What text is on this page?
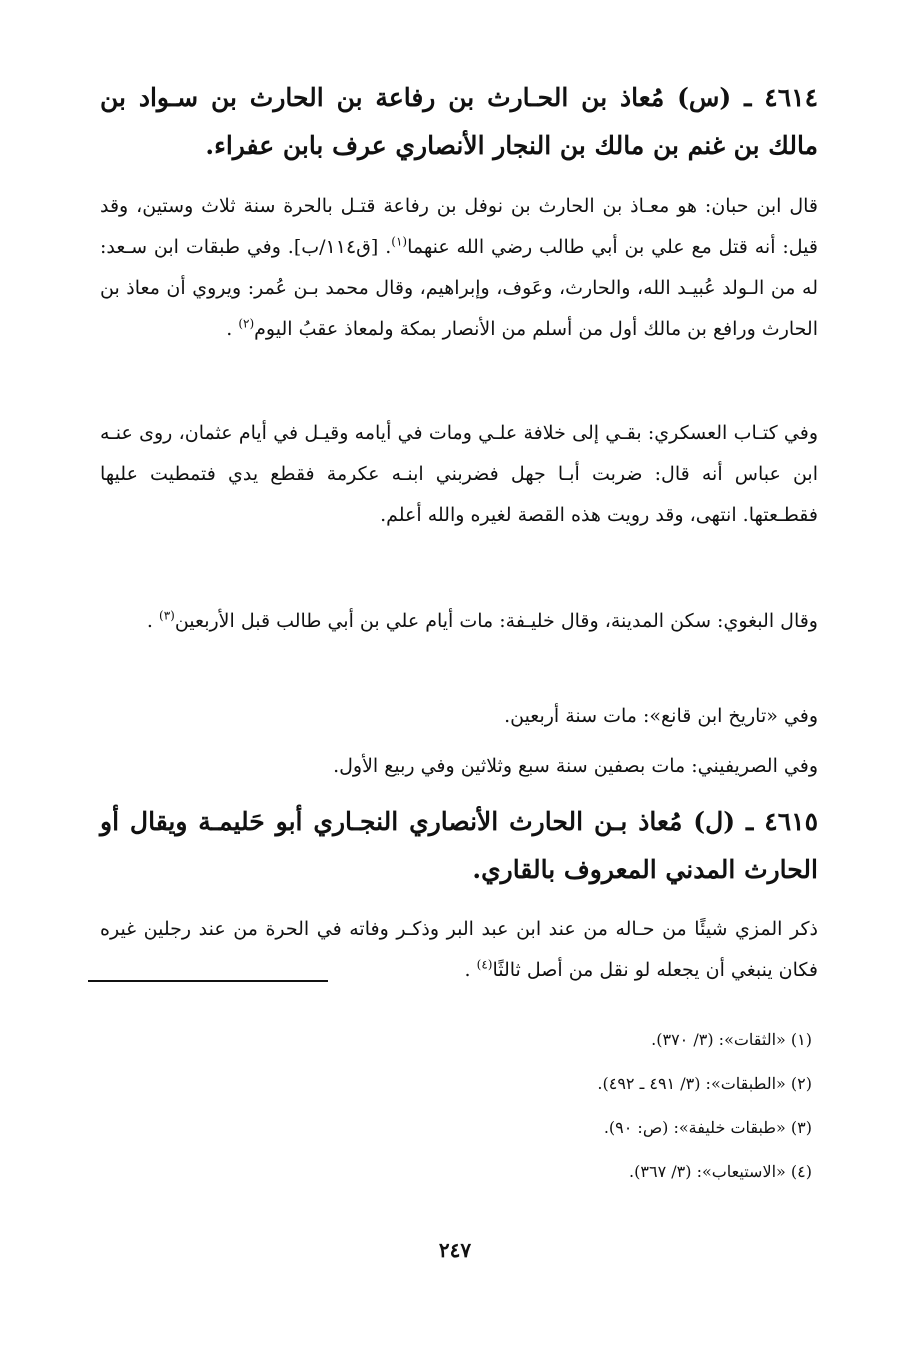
٤٦١٤ ـ (س) مُعاذ بن الحـارث بن رفاعة بن الحارث بن سـواد بن مالك بن غنم بن مالك بن النجار الأنصاري عرف بابن عفراء.
قال ابن حبان: هو معـاذ بن الحارث بن نوفل بن رفاعة قتـل بالحرة سنة ثلاث وستين، وقد قيل: أنه قتل مع علي بن أبي طالب رضي الله عنهما$^{(١)}$. [ق١١٤/ب]. وفي طبقات ابن سـعد: له من الـولد عُبيـد الله، والحارث، وعَوف، وإبراهيم، وقال محمد بـن عُمر: ويروي أن معاذ بن الحارث ورافع بن مالك أول من أسلم من الأنصار بمكة ولمعاذ عقبُ اليوم$^{(٢)}$ .
وفي كتـاب العسكري: بقـي إلى خلافة علـي ومات في أيامه وقيـل في أيام عثمان، روى عنـه ابن عباس أنه قال: ضربت أبـا جهل فضربني ابنـه عكرمة فقطع يدي فتمطيت عليها فقطـعتها. انتهى، وقد رويت هذه القصة لغيره والله أعلم.
وقال البغوي: سكن المدينة، وقال خليـفة: مات أيام علي بن أبي طالب قبل الأربعين$^{(٣)}$ .
وفي «تاريخ ابن قانع»: مات سنة أربعين.
وفي الصريفيني: مات بصفين سنة سبع وثلاثين وفي ربيع الأول.
٤٦١٥ ـ (ل) مُعاذ بـن الحارث الأنصاري النجـاري أبو حَليمـة ويقال أو الحارث المدني المعروف بالقاري.
ذكر المزي شيئًا من حـاله من عند ابن عبد البر وذكـر وفاته في الحرة من عند رجلين غيره فكان ينبغي أن يجعله لو نقل من أصل ثالثًا$^{(٤)}$ .
(١) «الثقات»: (٣/ ٣٧٠).
(٢) «الطبقات»: (٣/ ٤٩١ ـ ٤٩٢).
(٣) «طبقات خليفة»: (ص: ٩٠).
(٤) «الاستيعاب»: (٣/ ٣٦٧).
٢٤٧
